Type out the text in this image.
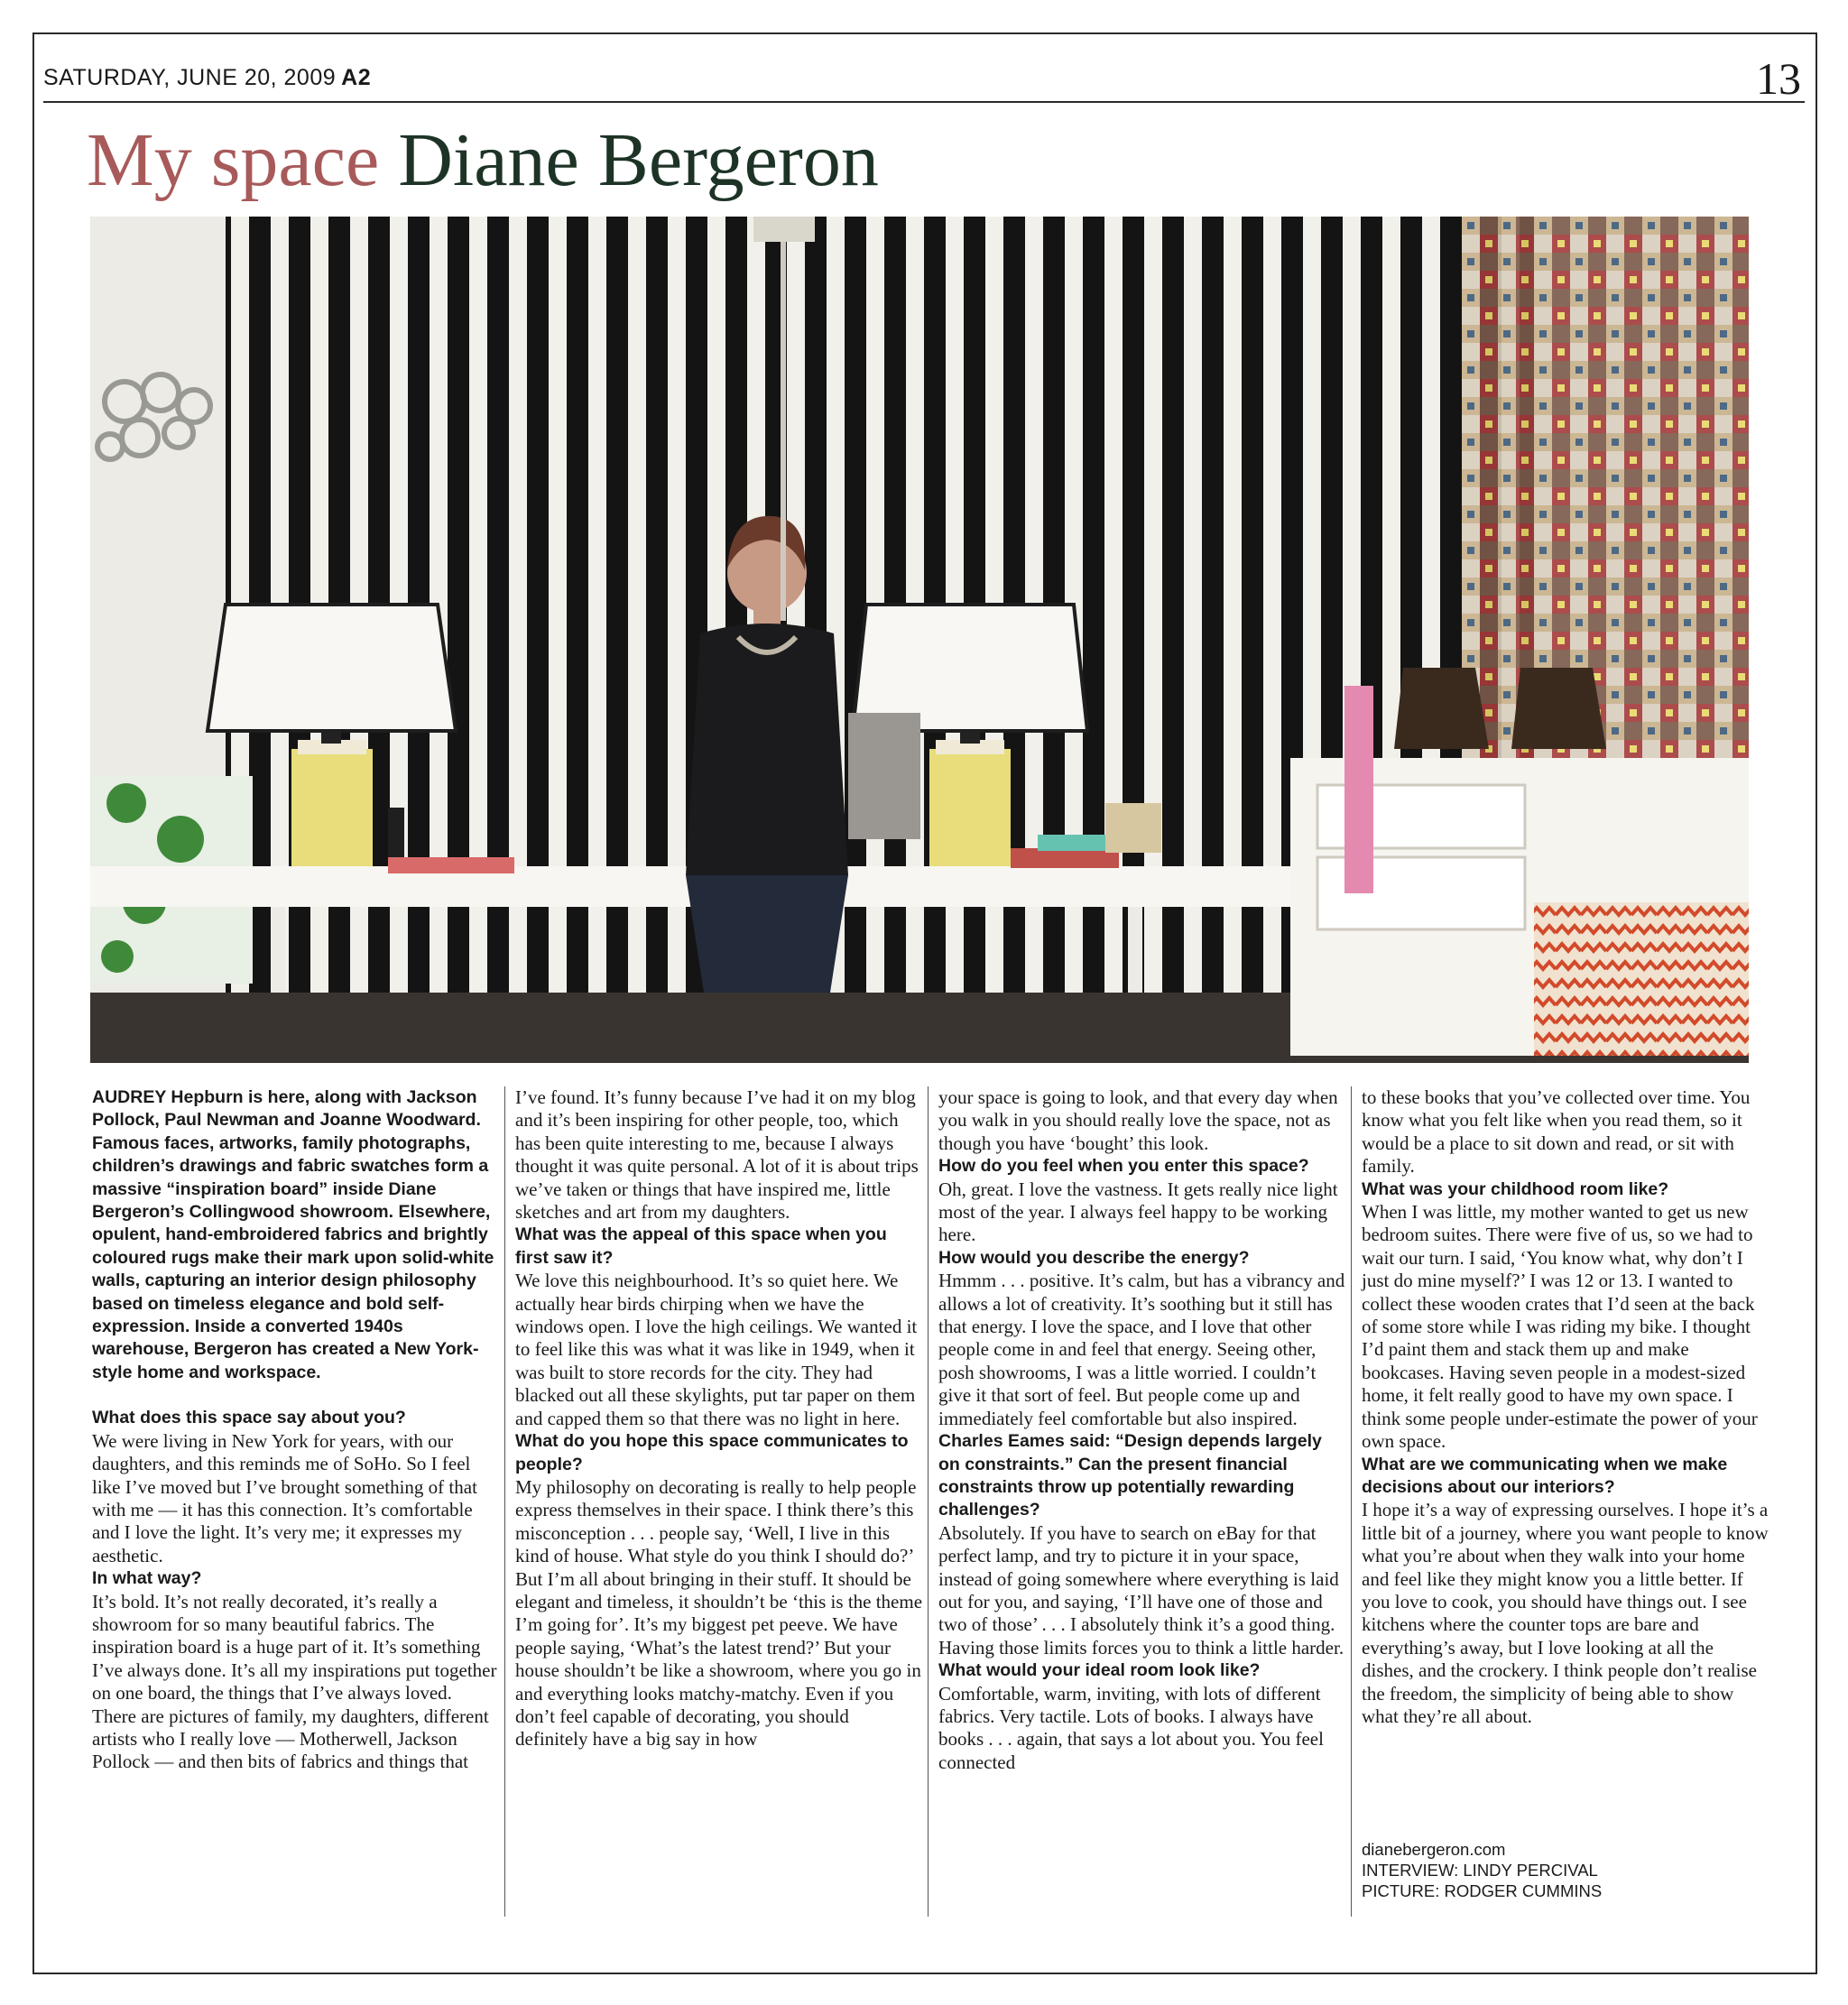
SATURDAY, JUNE 20, 2009 A2	13
My space Diane Bergeron

AUDREY Hepburn is here, along with Jackson Pollock, Paul Newman and Joanne Woodward. Famous faces, artworks, family photographs, children’s drawings and fabric swatches form a massive “inspiration board” inside Diane Bergeron’s Collingwood showroom. Elsewhere, opulent, hand-embroidered fabrics and brightly coloured rugs make their mark upon solid-white walls, capturing an interior design philosophy based on timeless elegance and bold self-expression. Inside a converted 1940s warehouse, Bergeron has created a New York-style home and workspace.

What does this space say about you?

We were living in New York for years, with our daughters, and this reminds me of SoHo. So I feel like I’ve moved but I’ve brought something of that with me — it has this connection. It’s comfortable and I love the light. It’s very me; it expresses my aesthetic.

In what way?

It’s bold. It’s not really decorated, it’s really a showroom for so many beautiful fabrics. The inspiration board is a huge part of it. It’s something I’ve always done. It’s all my inspirations put together on one board, the things that I’ve always loved. There are pictures of family, my daughters, different artists who I really love — Motherwell, Jackson Pollock — and then bits of fabrics and things that

I’ve found. It’s funny because I’ve had it on my blog and it’s been inspiring for other people, too, which has been quite interesting to me, because I always thought it was quite personal. A lot of it is about trips we’ve taken or things that have inspired me, little sketches and art from my daughters.

What was the appeal of this space when you first saw it?

We love this neighbourhood. It’s so quiet here. We actually hear birds chirping when we have the windows open. I love the high ceilings. We wanted it to feel like this was what it was like in 1949, when it was built to store records for the city. They had blacked out all these skylights, put tar paper on them and capped them so that there was no light in here.

What do you hope this space communicates to people?

My philosophy on decorating is really to help people express themselves in their space. I think there’s this misconception . . . people say, ‘Well, I live in this kind of house. What style do you think I should do?’ But I’m all about bringing in their stuff. It should be elegant and timeless, it shouldn’t be ‘this is the theme I’m going for’. It’s my biggest pet peeve. We have people saying, ‘What’s the latest trend?’ But your house shouldn’t be like a showroom, where you go in and everything looks matchy-matchy. Even if you don’t feel capable of decorating, you should definitely have a big say in how

your space is going to look, and that every day when you walk in you should really love the space, not as though you have ‘bought’ this look.

How do you feel when you enter this space?

Oh, great. I love the vastness. It gets really nice light most of the year. I always feel happy to be working here.

How would you describe the energy?

Hmmm . . . positive. It’s calm, but has a vibrancy and allows a lot of creativity. It’s soothing but it still has that energy. I love the space, and I love that other people come in and feel that energy. Seeing other, posh showrooms, I was a little worried. I couldn’t give it that sort of feel. But people come up and immediately feel comfortable but also inspired.

Charles Eames said: “Design depends largely on constraints.” Can the present financial constraints throw up potentially rewarding challenges?

Absolutely. If you have to search on eBay for that perfect lamp, and try to picture it in your space, instead of going somewhere where everything is laid out for you, and saying, ‘I’ll have one of those and two of those’ . . . I absolutely think it’s a good thing. Having those limits forces you to think a little harder.

What would your ideal room look like?

Comfortable, warm, inviting, with lots of different fabrics. Very tactile. Lots of books. I always have books . . . again, that says a lot about you. You feel connected

to these books that you’ve collected over time. You know what you felt like when you read them, so it would be a place to sit down and read, or sit with family.

What was your childhood room like?

When I was little, my mother wanted to get us new bedroom suites. There were five of us, so we had to wait our turn. I said, ‘You know what, why don’t I just do mine myself?’ I was 12 or 13. I wanted to collect these wooden crates that I’d seen at the back of some store while I was riding my bike. I thought I’d paint them and stack them up and make bookcases. Having seven people in a modest-sized home, it felt really good to have my own space. I think some people under-estimate the power of your own space.

What are we communicating when we make decisions about our interiors?

I hope it’s a way of expressing ourselves. I hope it’s a little bit of a journey, where you want people to know what you’re about when they walk into your home and feel like they might know you a little better. If you love to cook, you should have things out. I see kitchens where the counter tops are bare and everything’s away, but I love looking at all the dishes, and the crockery. I think people don’t realise the freedom, the simplicity of being able to show what they’re all about.

dianebergeron.com
INTERVIEW: LINDY PERCIVAL
PICTURE: RODGER CUMMINS
